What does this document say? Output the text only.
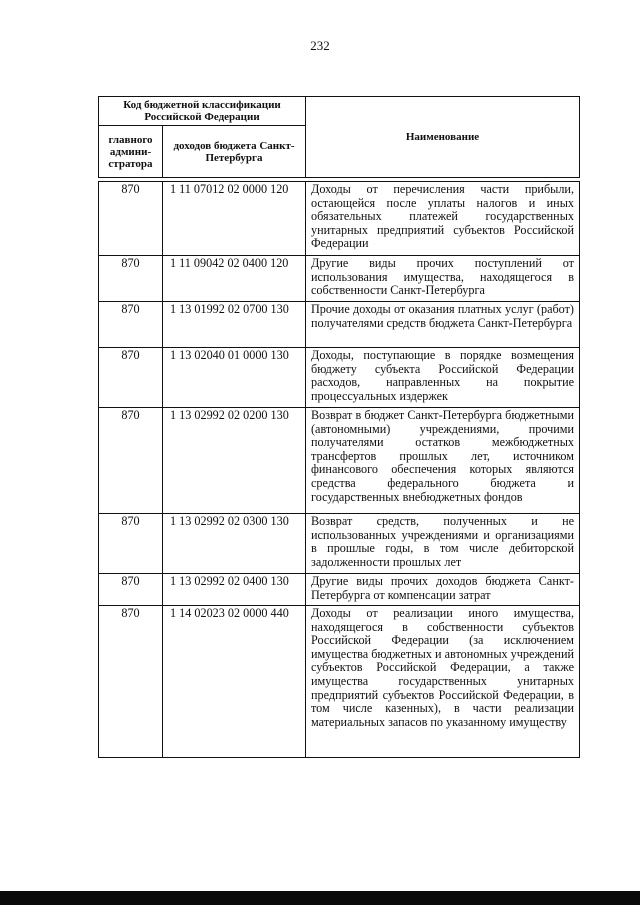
232
Код бюджетной классификации Российской Федерации		Наименование
главного админи-стратора	доходов бюджета Санкт-Петербурга	
870	1 11 07012 02 0000 120	Доходы от перечисления части прибыли, остающейся после уплаты налогов и иных обязательных платежей государственных унитарных предприятий субъектов Российской Федерации
870	1 11 09042 02 0400 120	Другие виды прочих поступлений от использования имущества, находящегося в собственности Санкт-Петербурга
870	1 13 01992 02 0700 130	Прочие доходы от оказания платных услуг (работ) получателями средств бюджета Санкт-Петербурга
870	1 13 02040 01 0000 130	Доходы, поступающие в порядке возмещения бюджету субъекта Российской Федерации расходов, направленных на покрытие процессуальных издержек
870	1 13 02992 02 0200 130	Возврат в бюджет Санкт-Петербурга бюджетными (автономными) учреждениями, прочими получателями остатков межбюджетных трансфертов прошлых лет, источником финансового обеспечения которых являются средства федерального бюджета и государственных внебюджетных фондов
870	1 13 02992 02 0300 130	Возврат средств, полученных и не использованных учреждениями и организациями в прошлые годы, в том числе дебиторской задолженности прошлых лет
870	1 13 02992 02 0400 130	Другие виды прочих доходов бюджета Санкт-Петербурга от компенсации затрат
870	1 14 02023 02 0000 440	Доходы от реализации иного имущества, находящегося в собственности субъектов Российской Федерации (за исключением имущества бюджетных и автономных учреждений субъектов Российской Федерации, а также имущества государственных унитарных предприятий субъектов Российской Федерации, в том числе казенных), в части реализации материальных запасов по указанному имуществу
